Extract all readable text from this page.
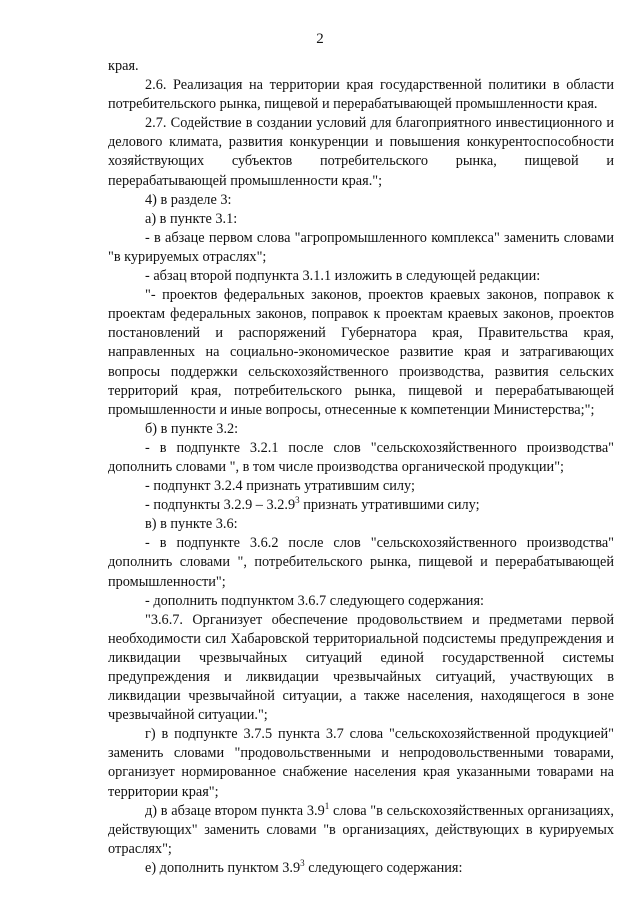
2

края.

2.6. Реализация на территории края государственной политики в области потребительского рынка, пищевой и перерабатывающей промышленности края.

2.7. Содействие в создании условий для благоприятного инвестиционного и делового климата, развития конкуренции и повышения конкурентоспособности хозяйствующих субъектов потребительского рынка, пищевой и перерабатывающей промышленности края.";

4) в разделе 3:

а) в пункте 3.1:

- в абзаце первом слова "агропромышленного комплекса" заменить словами "в курируемых отраслях";

- абзац второй подпункта 3.1.1 изложить в следующей редакции:

"- проектов федеральных законов, проектов краевых законов, поправок к проектам федеральных законов, поправок к проектам краевых законов, проектов постановлений и распоряжений Губернатора края, Правительства края, направленных на социально-экономическое развитие края и затрагивающих вопросы поддержки сельскохозяйственного производства, развития сельских территорий края, потребительского рынка, пищевой и перерабатывающей промышленности и иные вопросы, отнесенные к компетенции Министерства;";

б) в пункте 3.2:

- в подпункте 3.2.1 после слов "сельскохозяйственного производства" дополнить словами ", в том числе производства органической продукции";

- подпункт 3.2.4 признать утратившим силу;

- подпункты 3.2.9 – 3.2.9$^3$ признать утратившими силу;

в) в пункте 3.6:

- в подпункте 3.6.2 после слов "сельскохозяйственного производства" дополнить словами ", потребительского рынка, пищевой и перерабатывающей промышленности";

- дополнить подпунктом 3.6.7 следующего содержания:

"3.6.7. Организует обеспечение продовольствием и предметами первой необходимости сил Хабаровской территориальной подсистемы предупреждения и ликвидации чрезвычайных ситуаций единой государственной системы предупреждения и ликвидации чрезвычайных ситуаций, участвующих в ликвидации чрезвычайной ситуации, а также населения, находящегося в зоне чрезвычайной ситуации.";

г) в подпункте 3.7.5 пункта 3.7 слова "сельскохозяйственной продукцией" заменить словами "продовольственными и непродовольственными товарами, организует нормированное снабжение населения края указанными товарами на территории края";

д) в абзаце втором пункта $3.9^1$ слова "в сельскохозяйственных организациях, действующих" заменить словами "в организациях, действующих в курируемых отраслях";

е) дополнить пунктом $3.9^3$ следующего содержания:
